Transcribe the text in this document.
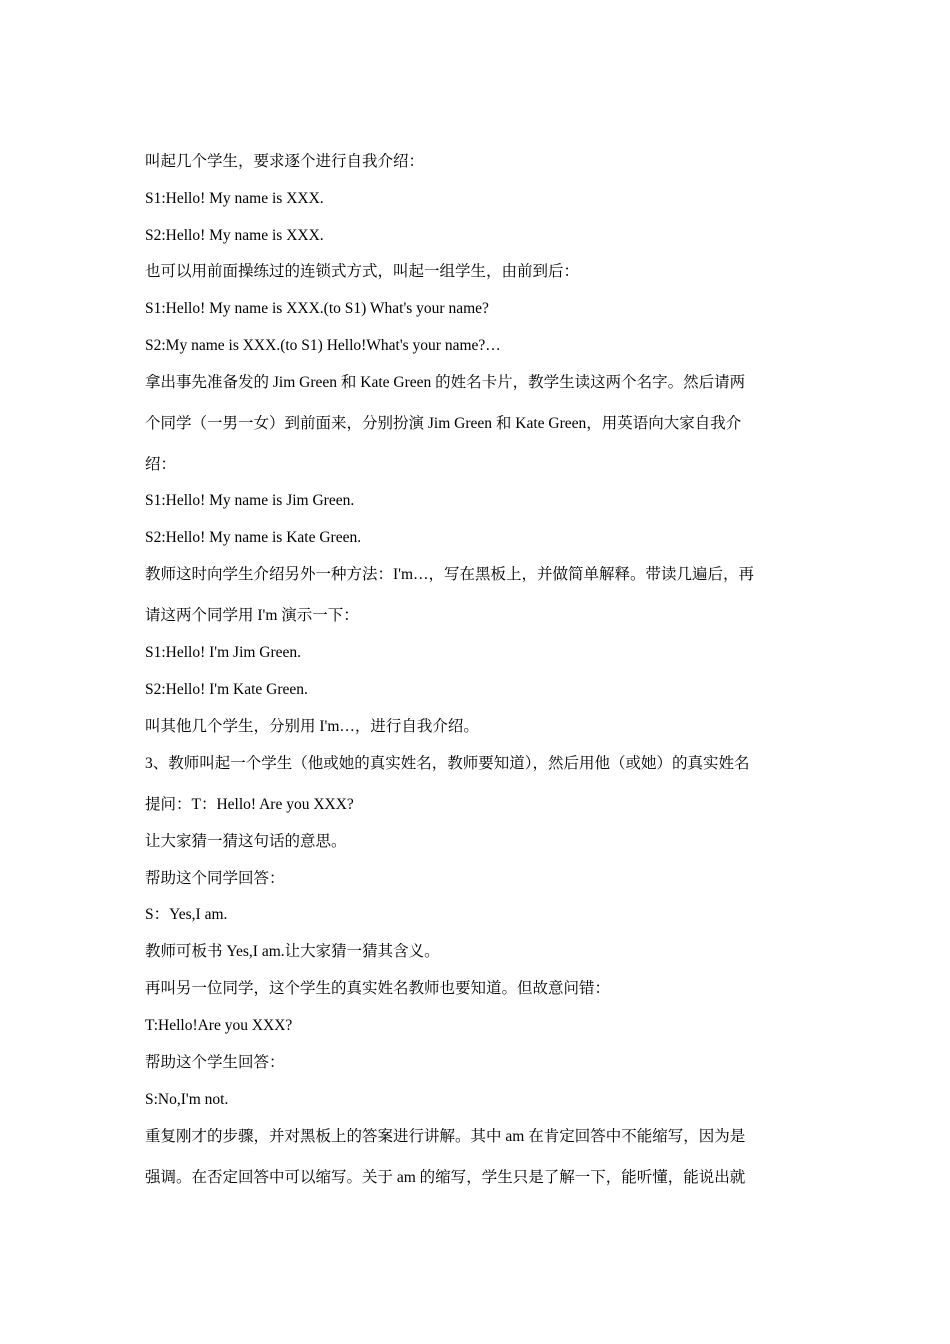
叫起几个学生，要求逐个进行自我介绍：

S1:Hello! My name is XXX.

S2:Hello! My name is XXX.

也可以用前面操练过的连锁式方式，叫起一组学生，由前到后：

S1:Hello! My name is XXX.(to S1) What's your name?

S2:My name is XXX.(to S1) Hello!What's your name?…

拿出事先准备发的 Jim Green 和 Kate Green 的姓名卡片，教学生读这两个名字。然后请两

个同学（一男一女）到前面来，分别扮演 Jim Green 和 Kate Green，用英语向大家自我介

绍：

S1:Hello! My name is Jim Green.

S2:Hello! My name is Kate Green.

教师这时向学生介绍另外一种方法：I'm…，写在黑板上，并做简单解释。带读几遍后，再

请这两个同学用 I'm 演示一下：

S1:Hello! I'm Jim Green.

S2:Hello! I'm Kate Green.

叫其他几个学生，分别用 I'm…，进行自我介绍。

3、教师叫起一个学生（他或她的真实姓名，教师要知道），然后用他（或她）的真实姓名

提问：T：Hello! Are you XXX?

让大家猜一猜这句话的意思。

帮助这个同学回答：

S：Yes,I am.

教师可板书 Yes,I am.让大家猜一猜其含义。

再叫另一位同学，这个学生的真实姓名教师也要知道。但故意问错：

T:Hello!Are you XXX?

帮助这个学生回答：

S:No,I'm not.

重复刚才的步骤，并对黑板上的答案进行讲解。其中 am 在肯定回答中不能缩写，因为是

强调。在否定回答中可以缩写。关于 am 的缩写，学生只是了解一下，能听懂，能说出就
